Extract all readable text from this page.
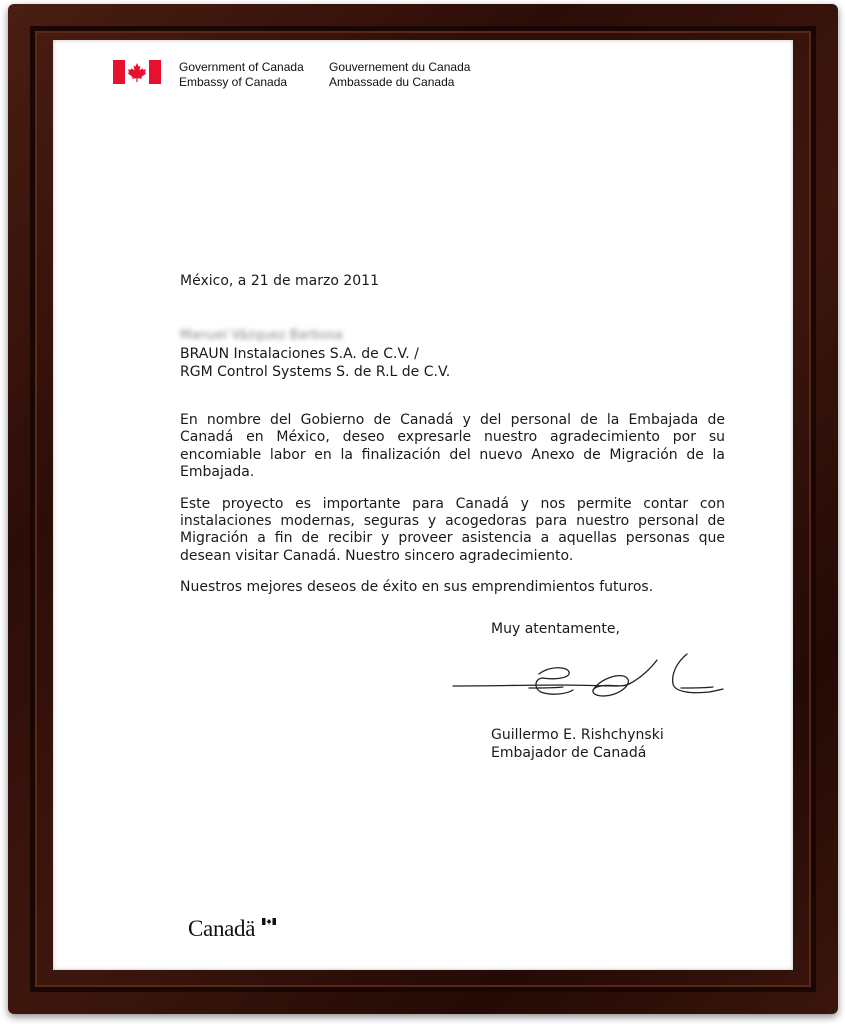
Government of Canada
Embassy of Canada
Gouvernement du Canada
Ambassade du Canada
México, a 21 de marzo 2011
Manuel Vázquez Barbosa
BRAUN Instalaciones S.A. de C.V. /
RGM Control Systems S. de R.L de C.V.

En nombre del Gobierno de Canadá y del personal de la Embajada de Canadá en México, deseo expresarle nuestro agradecimiento por su encomiable labor en la finalización del nuevo Anexo de Migración de la Embajada.

Este proyecto es importante para Canadá y nos permite contar con instalaciones modernas, seguras y acogedoras para nuestro personal de Migración a fin de recibir y proveer asistencia a aquellas personas que desean visitar Canadá. Nuestro sincero agradecimiento.

Nuestros mejores deseos de éxito en sus emprendimientos futuros.

Muy atentamente,
Guillermo E. Rishchynski
Embajador de Canadá
Canadä
